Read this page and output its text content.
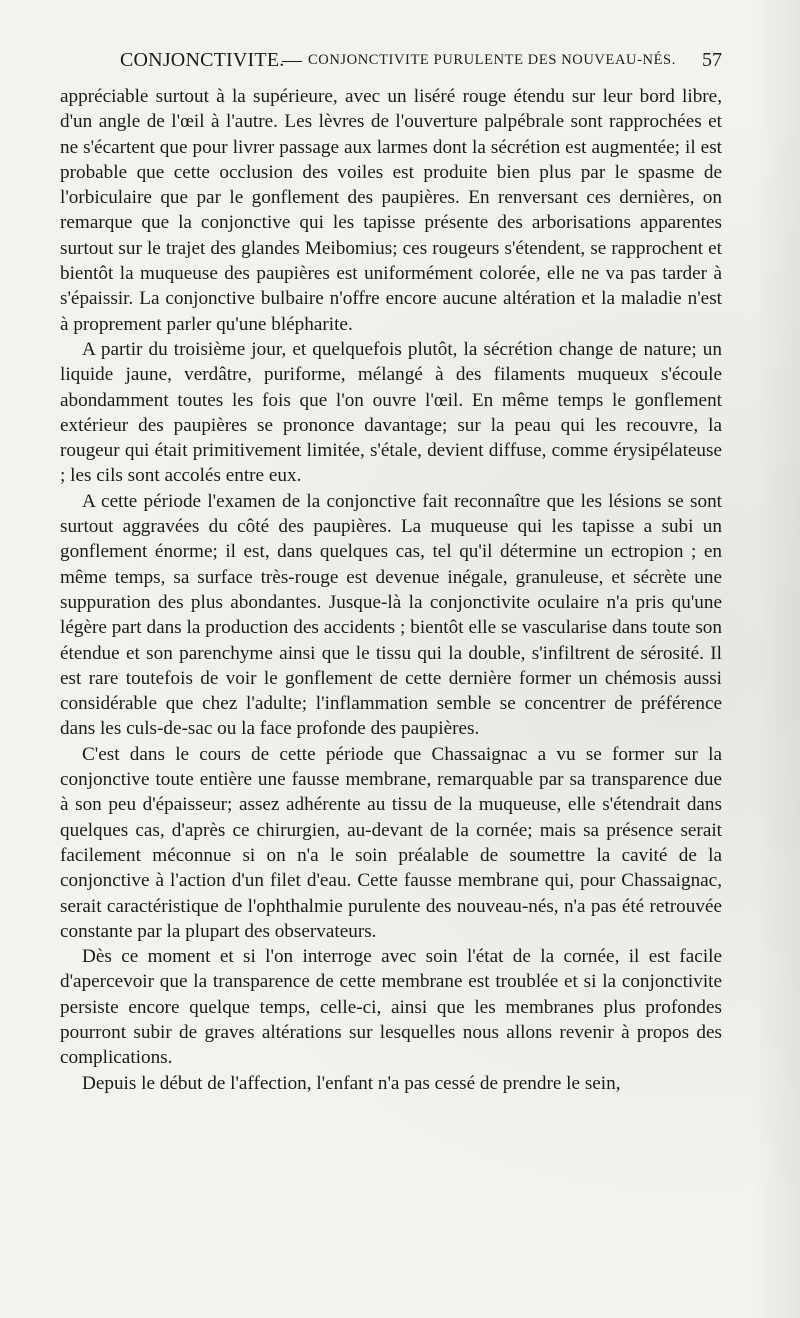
CONJONCTIVITE.
— CONJONCTIVITE PURULENTE DES NOUVEAU-NÉS. 57

appréciable surtout à la supérieure, avec un liséré rouge étendu sur leur bord libre, d'un angle de l'œil à l'autre. Les lèvres de l'ouverture palpébrale sont rapprochées et ne s'écartent que pour livrer passage aux larmes dont la sécrétion est augmentée; il est probable que cette occlusion des voiles est produite bien plus par le spasme de l'orbiculaire que par le gonflement des paupières. En renversant ces dernières, on remarque que la conjonctive qui les tapisse présente des arborisations apparentes surtout sur le trajet des glandes Meibomius; ces rougeurs s'étendent, se rapprochent et bientôt la muqueuse des paupières est uniformément colorée, elle ne va pas tarder à s'épaissir. La conjonctive bulbaire n'offre encore aucune altération et la maladie n'est à proprement parler qu'une blépharite.

A partir du troisième jour, et quelquefois plutôt, la sécrétion change de nature; un liquide jaune, verdâtre, puriforme, mélangé à des filaments muqueux s'écoule abondamment toutes les fois que l'on ouvre l'œil. En même temps le gonflement extérieur des paupières se prononce davantage; sur la peau qui les recouvre, la rougeur qui était primitivement limitée, s'étale, devient diffuse, comme érysipélateuse ; les cils sont accolés entre eux.

A cette période l'examen de la conjonctive fait reconnaître que les lésions se sont surtout aggravées du côté des paupières. La muqueuse qui les tapisse a subi un gonflement énorme; il est, dans quelques cas, tel qu'il détermine un ectropion ; en même temps, sa surface très-rouge est devenue inégale, granuleuse, et sécrète une suppuration des plus abondantes. Jusque-là la conjonctivite oculaire n'a pris qu'une légère part dans la production des accidents ; bientôt elle se vascularise dans toute son étendue et son parenchyme ainsi que le tissu qui la double, s'infiltrent de sérosité. Il est rare toutefois de voir le gonflement de cette dernière former un chémosis aussi considérable que chez l'adulte; l'inflammation semble se concentrer de préférence dans les culs-de-sac ou la face profonde des paupières.

C'est dans le cours de cette période que Chassaignac a vu se former sur la conjonctive toute entière une fausse membrane, remarquable par sa transparence due à son peu d'épaisseur; assez adhérente au tissu de la muqueuse, elle s'étendrait dans quelques cas, d'après ce chirurgien, au-devant de la cornée; mais sa présence serait facilement méconnue si on n'a le soin préalable de soumettre la cavité de la conjonctive à l'action d'un filet d'eau. Cette fausse membrane qui, pour Chassaignac, serait caractéristique de l'ophthalmie purulente des nouveau-nés, n'a pas été retrouvée constante par la plupart des observateurs.

Dès ce moment et si l'on interroge avec soin l'état de la cornée, il est facile d'apercevoir que la transparence de cette membrane est troublée et si la conjonctivite persiste encore quelque temps, celle-ci, ainsi que les membranes plus profondes pourront subir de graves altérations sur lesquelles nous allons revenir à propos des complications.

Depuis le début de l'affection, l'enfant n'a pas cessé de prendre le sein,
